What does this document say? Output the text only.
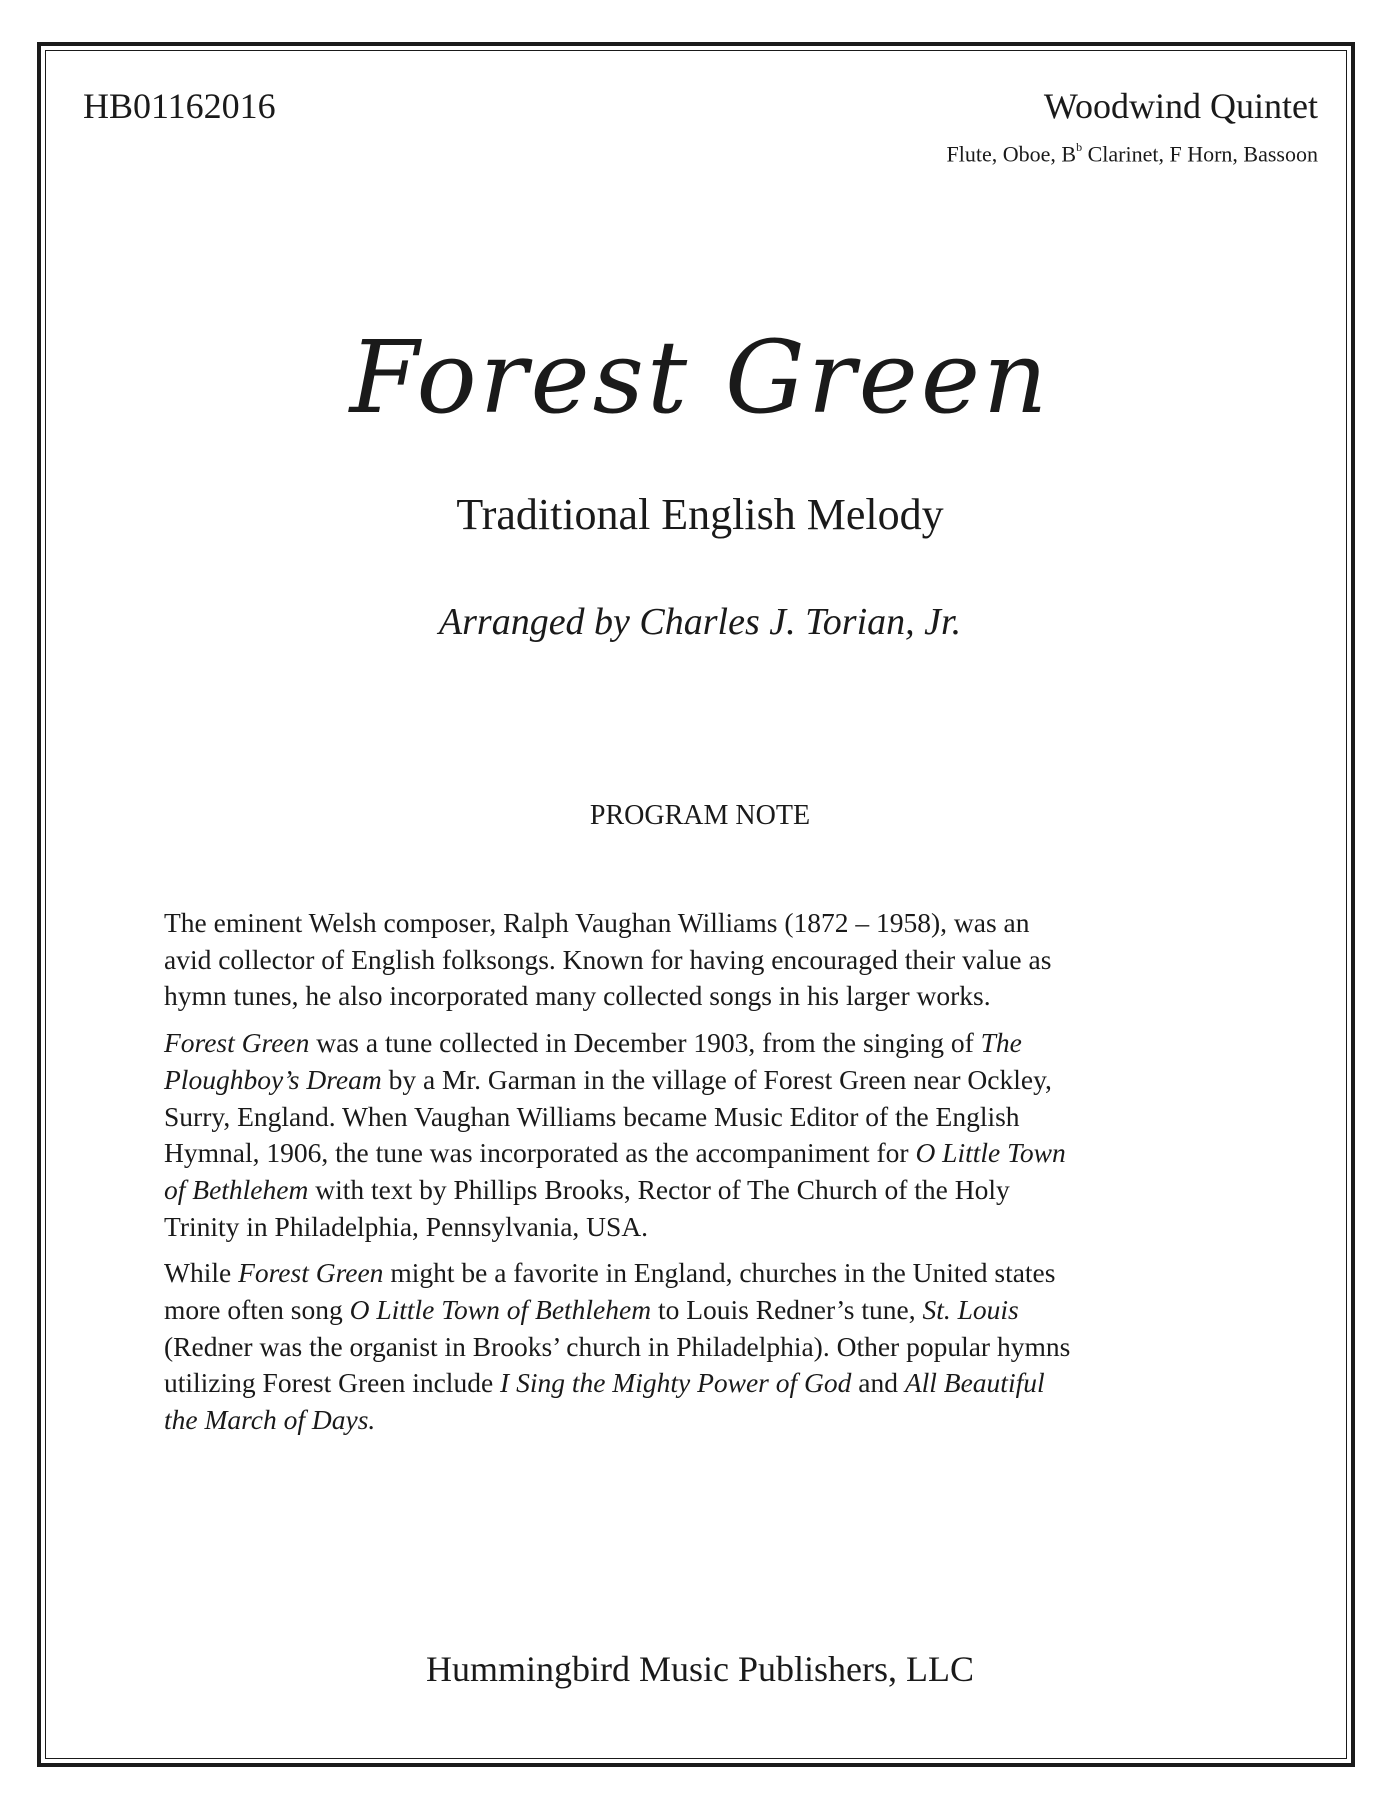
HB01162016	Woodwind Quintet
Flute, Oboe, $B^b$ Clarinet, F Horn, Bassoon
Forest Green
Traditional English Melody
Arranged by Charles J. Torian, Jr.
PROGRAM NOTE

The eminent Welsh composer, Ralph Vaughan Williams (1872 – 1958), was an
avid collector of English folksongs. Known for having encouraged their value as
hymn tunes, he also incorporated many collected songs in his larger works.

Forest Green was a tune collected in December 1903, from the singing of The
Ploughboy’s Dream by a Mr. Garman in the village of Forest Green near Ockley,
Surry, England. When Vaughan Williams became Music Editor of the English
Hymnal, 1906, the tune was incorporated as the accompaniment for O Little Town
of Bethlehem with text by Phillips Brooks, Rector of The Church of the Holy
Trinity in Philadelphia, Pennsylvania, USA.

While Forest Green might be a favorite in England, churches in the United states
more often song O Little Town of Bethlehem to Louis Redner’s tune, St. Louis
(Redner was the organist in Brooks’ church in Philadelphia). Other popular hymns
utilizing Forest Green include I Sing the Mighty Power of God and All Beautiful
the March of Days.

Hummingbird Music Publishers, LLC
